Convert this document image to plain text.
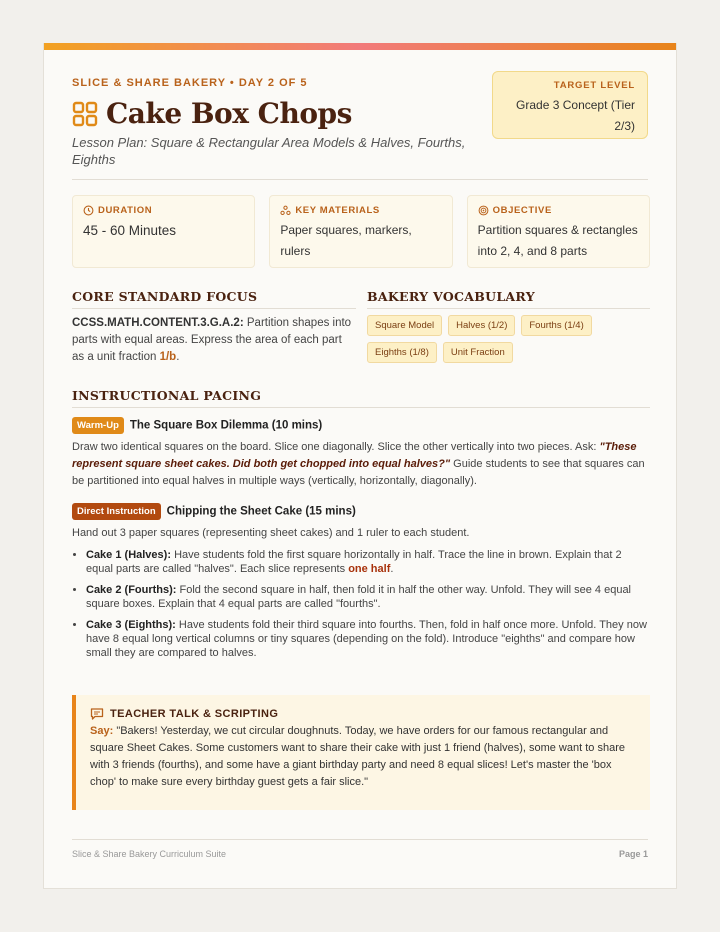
SLICE & SHARE BAKERY • DAY 2 OF 5
Cake Box Chops
Lesson Plan: Square & Rectangular Area Models & Halves, Fourths, Eighths
TARGET LEVEL
Grade 3 Concept (Tier 2/3)
DURATION
45 - 60 Minutes
KEY MATERIALS
Paper squares, markers, rulers
OBJECTIVE
Partition squares & rectangles into 2, 4, and 8 parts
CORE STANDARD FOCUS
CCSS.MATH.CONTENT.3.G.A.2: Partition shapes into parts with equal areas. Express the area of each part as a unit fraction 1/b.
BAKERY VOCABULARY
Square Model	Halves (1/2)	Fourths (1/4)
Eighths (1/8)	Unit Fraction
INSTRUCTIONAL PACING
Warm-Up The Square Box Dilemma (10 mins)
Draw two identical squares on the board. Slice one diagonally. Slice the other vertically into two pieces. Ask: "These represent square sheet cakes. Did both get chopped into equal halves?" Guide students to see that squares can be partitioned into equal halves in multiple ways (vertically, horizontally, diagonally).
Direct Instruction Chipping the Sheet Cake (15 mins)
Hand out 3 paper squares (representing sheet cakes) and 1 ruler to each student.
• Cake 1 (Halves): Have students fold the first square horizontally in half. Trace the line in brown. Explain that 2 equal parts are called "halves". Each slice represents one half.
• Cake 2 (Fourths): Fold the second square in half, then fold it in half the other way. Unfold. They will see 4 equal square boxes. Explain that 4 equal parts are called "fourths".
• Cake 3 (Eighths): Have students fold their third square into fourths. Then, fold in half once more. Unfold. They now have 8 equal long vertical columns or tiny squares (depending on the fold). Introduce "eighths" and compare how small they are compared to halves.
TEACHER TALK & SCRIPTING
Say: "Bakers! Yesterday, we cut circular doughnuts. Today, we have orders for our famous rectangular and square Sheet Cakes. Some customers want to share their cake with just 1 friend (halves), some want to share with 3 friends (fourths), and some have a giant birthday party and need 8 equal slices! Let's master the 'box chop' to make sure every birthday guest gets a fair slice."
Slice & Share Bakery Curriculum Suite	Page 1
